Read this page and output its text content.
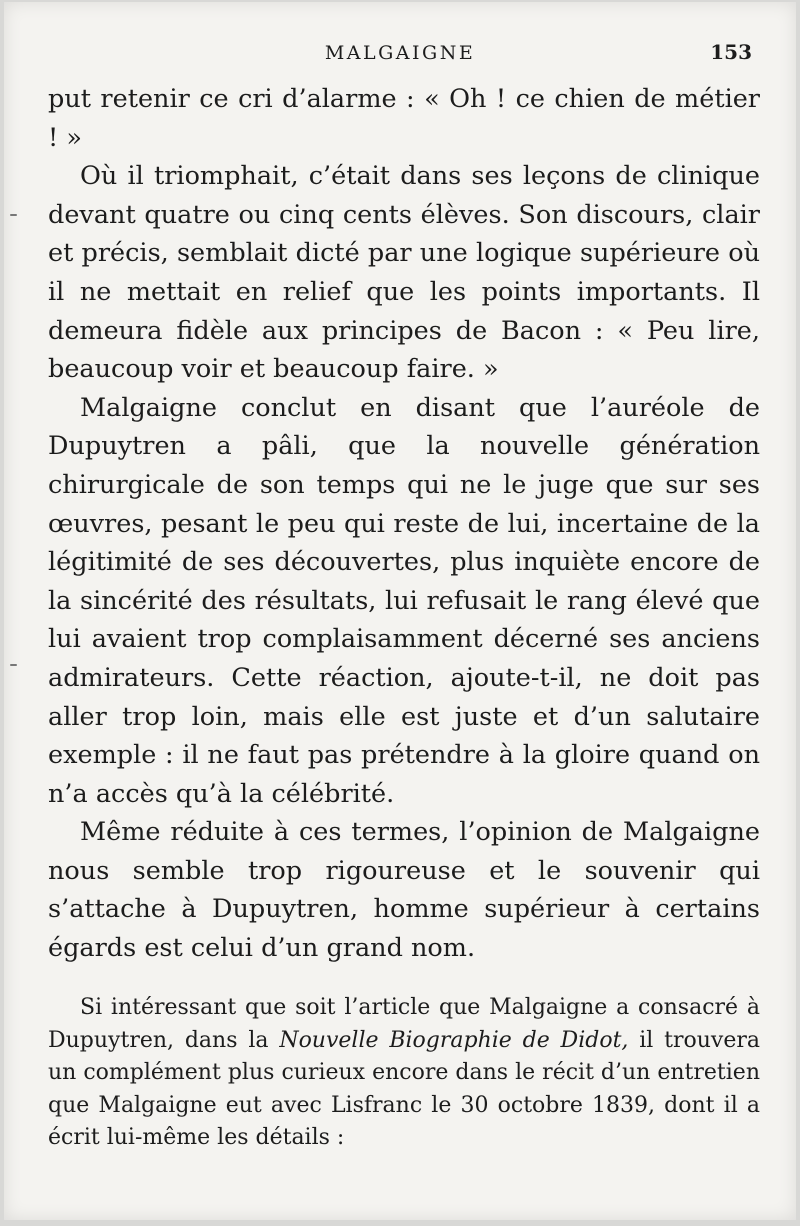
MALGAIGNE	153

put retenir ce cri d’alarme : « Oh ! ce chien de métier ! »

Où il triomphait, c’était dans ses leçons de clinique devant quatre ou cinq cents élèves. Son discours, clair et précis, semblait dicté par une logique supérieure où il ne mettait en relief que les points importants. Il demeura fidèle aux principes de Bacon : « Peu lire, beaucoup voir et beaucoup faire. »

Malgaigne conclut en disant que l’auréole de Dupuytren a pâli, que la nouvelle génération chirurgicale de son temps qui ne le juge que sur ses œuvres, pesant le peu qui reste de lui, incertaine de la légitimité de ses découvertes, plus inquiète encore de la sincérité des résultats, lui refusait le rang élevé que lui avaient trop complaisamment décerné ses anciens admirateurs. Cette réaction, ajoute-t-il, ne doit pas aller trop loin, mais elle est juste et d’un salutaire exemple : il ne faut pas prétendre à la gloire quand on n’a accès qu’à la célébrité.

Même réduite à ces termes, l’opinion de Malgaigne nous semble trop rigoureuse et le souvenir qui s’attache à Dupuytren, homme supérieur à certains égards est celui d’un grand nom.

Si intéressant que soit l’article que Malgaigne a consacré à Dupuytren, dans la Nouvelle Biographie de Didot, il trouvera un complément plus curieux encore dans le récit d’un entretien que Malgaigne eut avec Lisfranc le 30 octobre 1839, dont il a écrit lui-même les détails :
